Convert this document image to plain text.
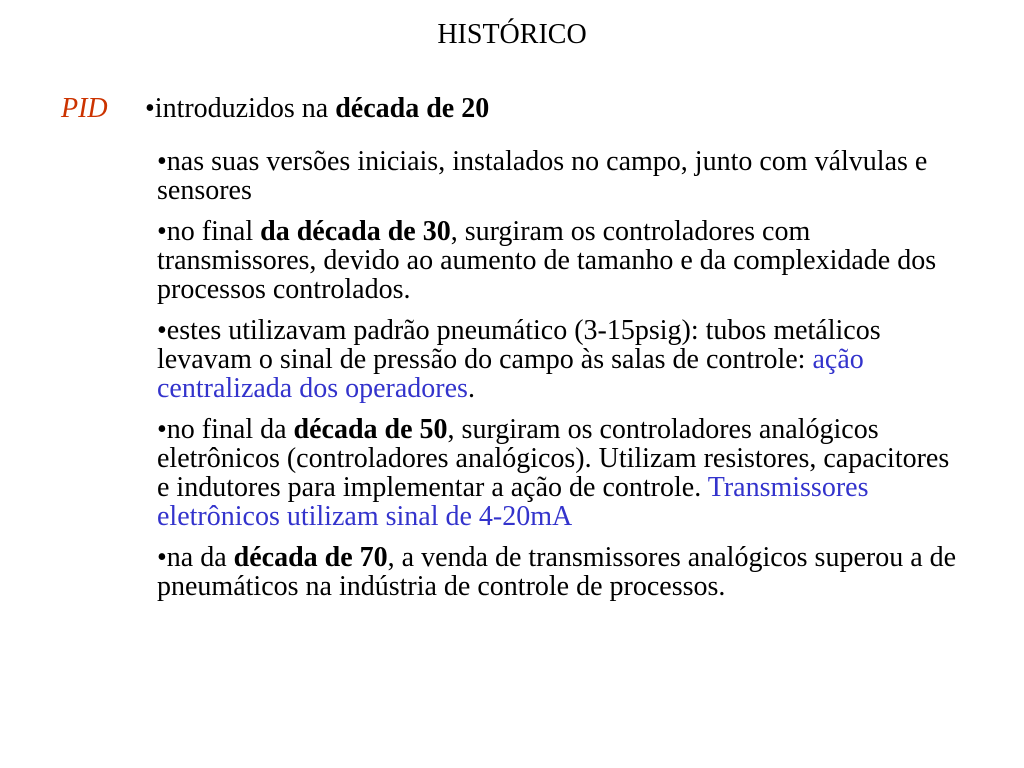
HISTÓRICO
PID •introduzidos na década de 20
•nas suas versões iniciais, instalados no campo, junto com válvulas e sensores
•no final da década de 30, surgiram os controladores com transmissores, devido ao aumento de tamanho e da complexidade dos processos controlados.
•estes utilizavam padrão pneumático (3-15psig): tubos metálicos levavam o sinal de pressão do campo às salas de controle: ação centralizada dos operadores.
•no final da década de 50, surgiram os controladores analógicos eletrônicos (controladores analógicos). Utilizam resistores, capacitores e indutores para implementar a ação de controle. Transmissores eletrônicos utilizam sinal de 4-20mA
•na da década de 70, a venda de transmissores analógicos superou a de pneumáticos na indústria de controle de processos.
